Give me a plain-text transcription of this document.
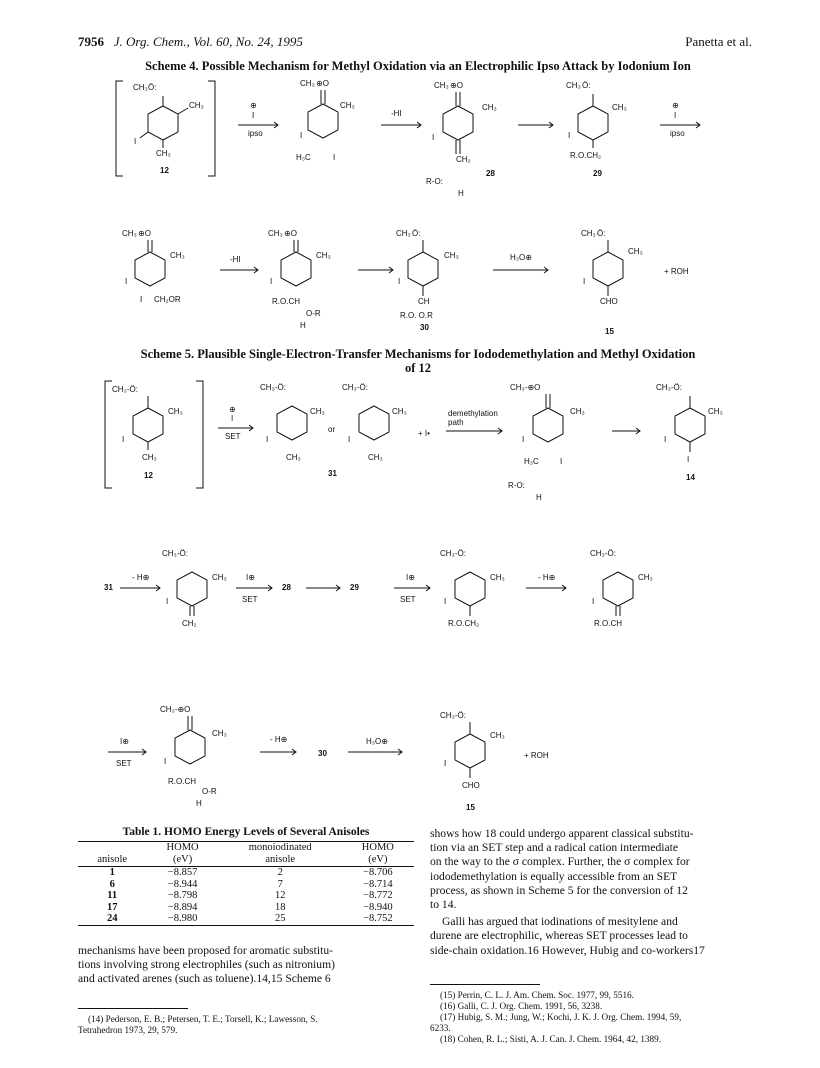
7956 J. Org. Chem., Vol. 60, No. 24, 1995	Panetta et al.
Scheme 4. Possible Mechanism for Methyl Oxidation via an Electrophilic Ipso Attack by Iodonium Ion
CH₃ Ö:
CH₃
I
CH₃
12
⊕
I
ipso
CH₃ ⊕O
CH₃
I
H₃C	I
-HI
CH₃ ⊕O
CH₃
I
CH₂
R-O:
H
28
CH₃ Ö:
CH₃
I
R.O.CH₂
29
⊕
I
ipso
CH₃ ⊕O
CH₃
I
I CH₂OR
-HI
CH₃ ⊕O
CH₃
I
R.O.CH
O-R
H
CH₃ Ö:
CH₃
I
CH
R.O. O.R
30
H₃O⊕
CH₃ Ö:
CH₃
I
CHO
15
+ ROH
Scheme 5. Plausible Single-Electron-Transfer Mechanisms for Iododemethylation and Methyl Oxidation
of 12
CH₃-Ö:
CH₃
I
CH₃
12
⊕
I
SET
CH₃-Ö:
CH₃
I
CH₃
or
CH₃-Ö:
CH₃
I
CH₃
31
+ I•
demethylation
path
CH₃-⊕O
CH₃
I
H₃C	I
R-O:
H
CH₃-Ö:
CH₃
I
I
14
31
- H⊕
CH₃-Ö:
CH₃
I
CH₂
I⊕
SET
28	29
I⊕
SET
CH₃-Ö:
CH₃
I
R.O.CH₂
- H⊕
CH₃-Ö:
CH₃
I
R.O.CH
I⊕
SET
CH₃-⊕O
CH₃
I
R.O.CH
O-R
H
- H⊕
30
H₃O⊕
CH₃-Ö:
CH₃
I
CHO
15
+ ROH
Table 1. HOMO Energy Levels of Several Anisoles
	HOMO	monoiodinated	HOMO
anisole	(eV)	anisole	(eV)
1	−8.857	2	−8.706
6	−8.944	7	−8.714
11	−8.798	12	−8.772
17	−8.894	18	−8.940
24	−8.980	25	−8.752
mechanisms have been proposed for aromatic substitu-
tions involving strong electrophiles (such as nitronium)
and activated arenes (such as toluene).14,15 Scheme 6
(14) Pederson, E. B.; Petersen, T. E.; Torsell, K.; Lawesson, S.
Tetrahedron 1973, 29, 579.
shows how 18 could undergo apparent classical substitu-
tion via an SET step and a radical cation intermediate
on the way to the σ complex. Further, the σ complex for
iododemethylation is equally accessible from an SET
process, as shown in Scheme 5 for the conversion of 12
to 14.
Galli has argued that iodinations of mesitylene and
durene are electrophilic, whereas SET processes lead to
side-chain oxidation.16 However, Hubig and co-workers17
(15) Perrin, C. L. J. Am. Chem. Soc. 1977, 99, 5516.
(16) Galli, C. J. Org. Chem. 1991, 56, 3238.
(17) Hubig, S. M.; Jung, W.; Kochi, J. K. J. Org. Chem. 1994, 59,
6233.
(18) Cohen, R. L.; Sisti, A. J. Can. J. Chem. 1964, 42, 1389.
